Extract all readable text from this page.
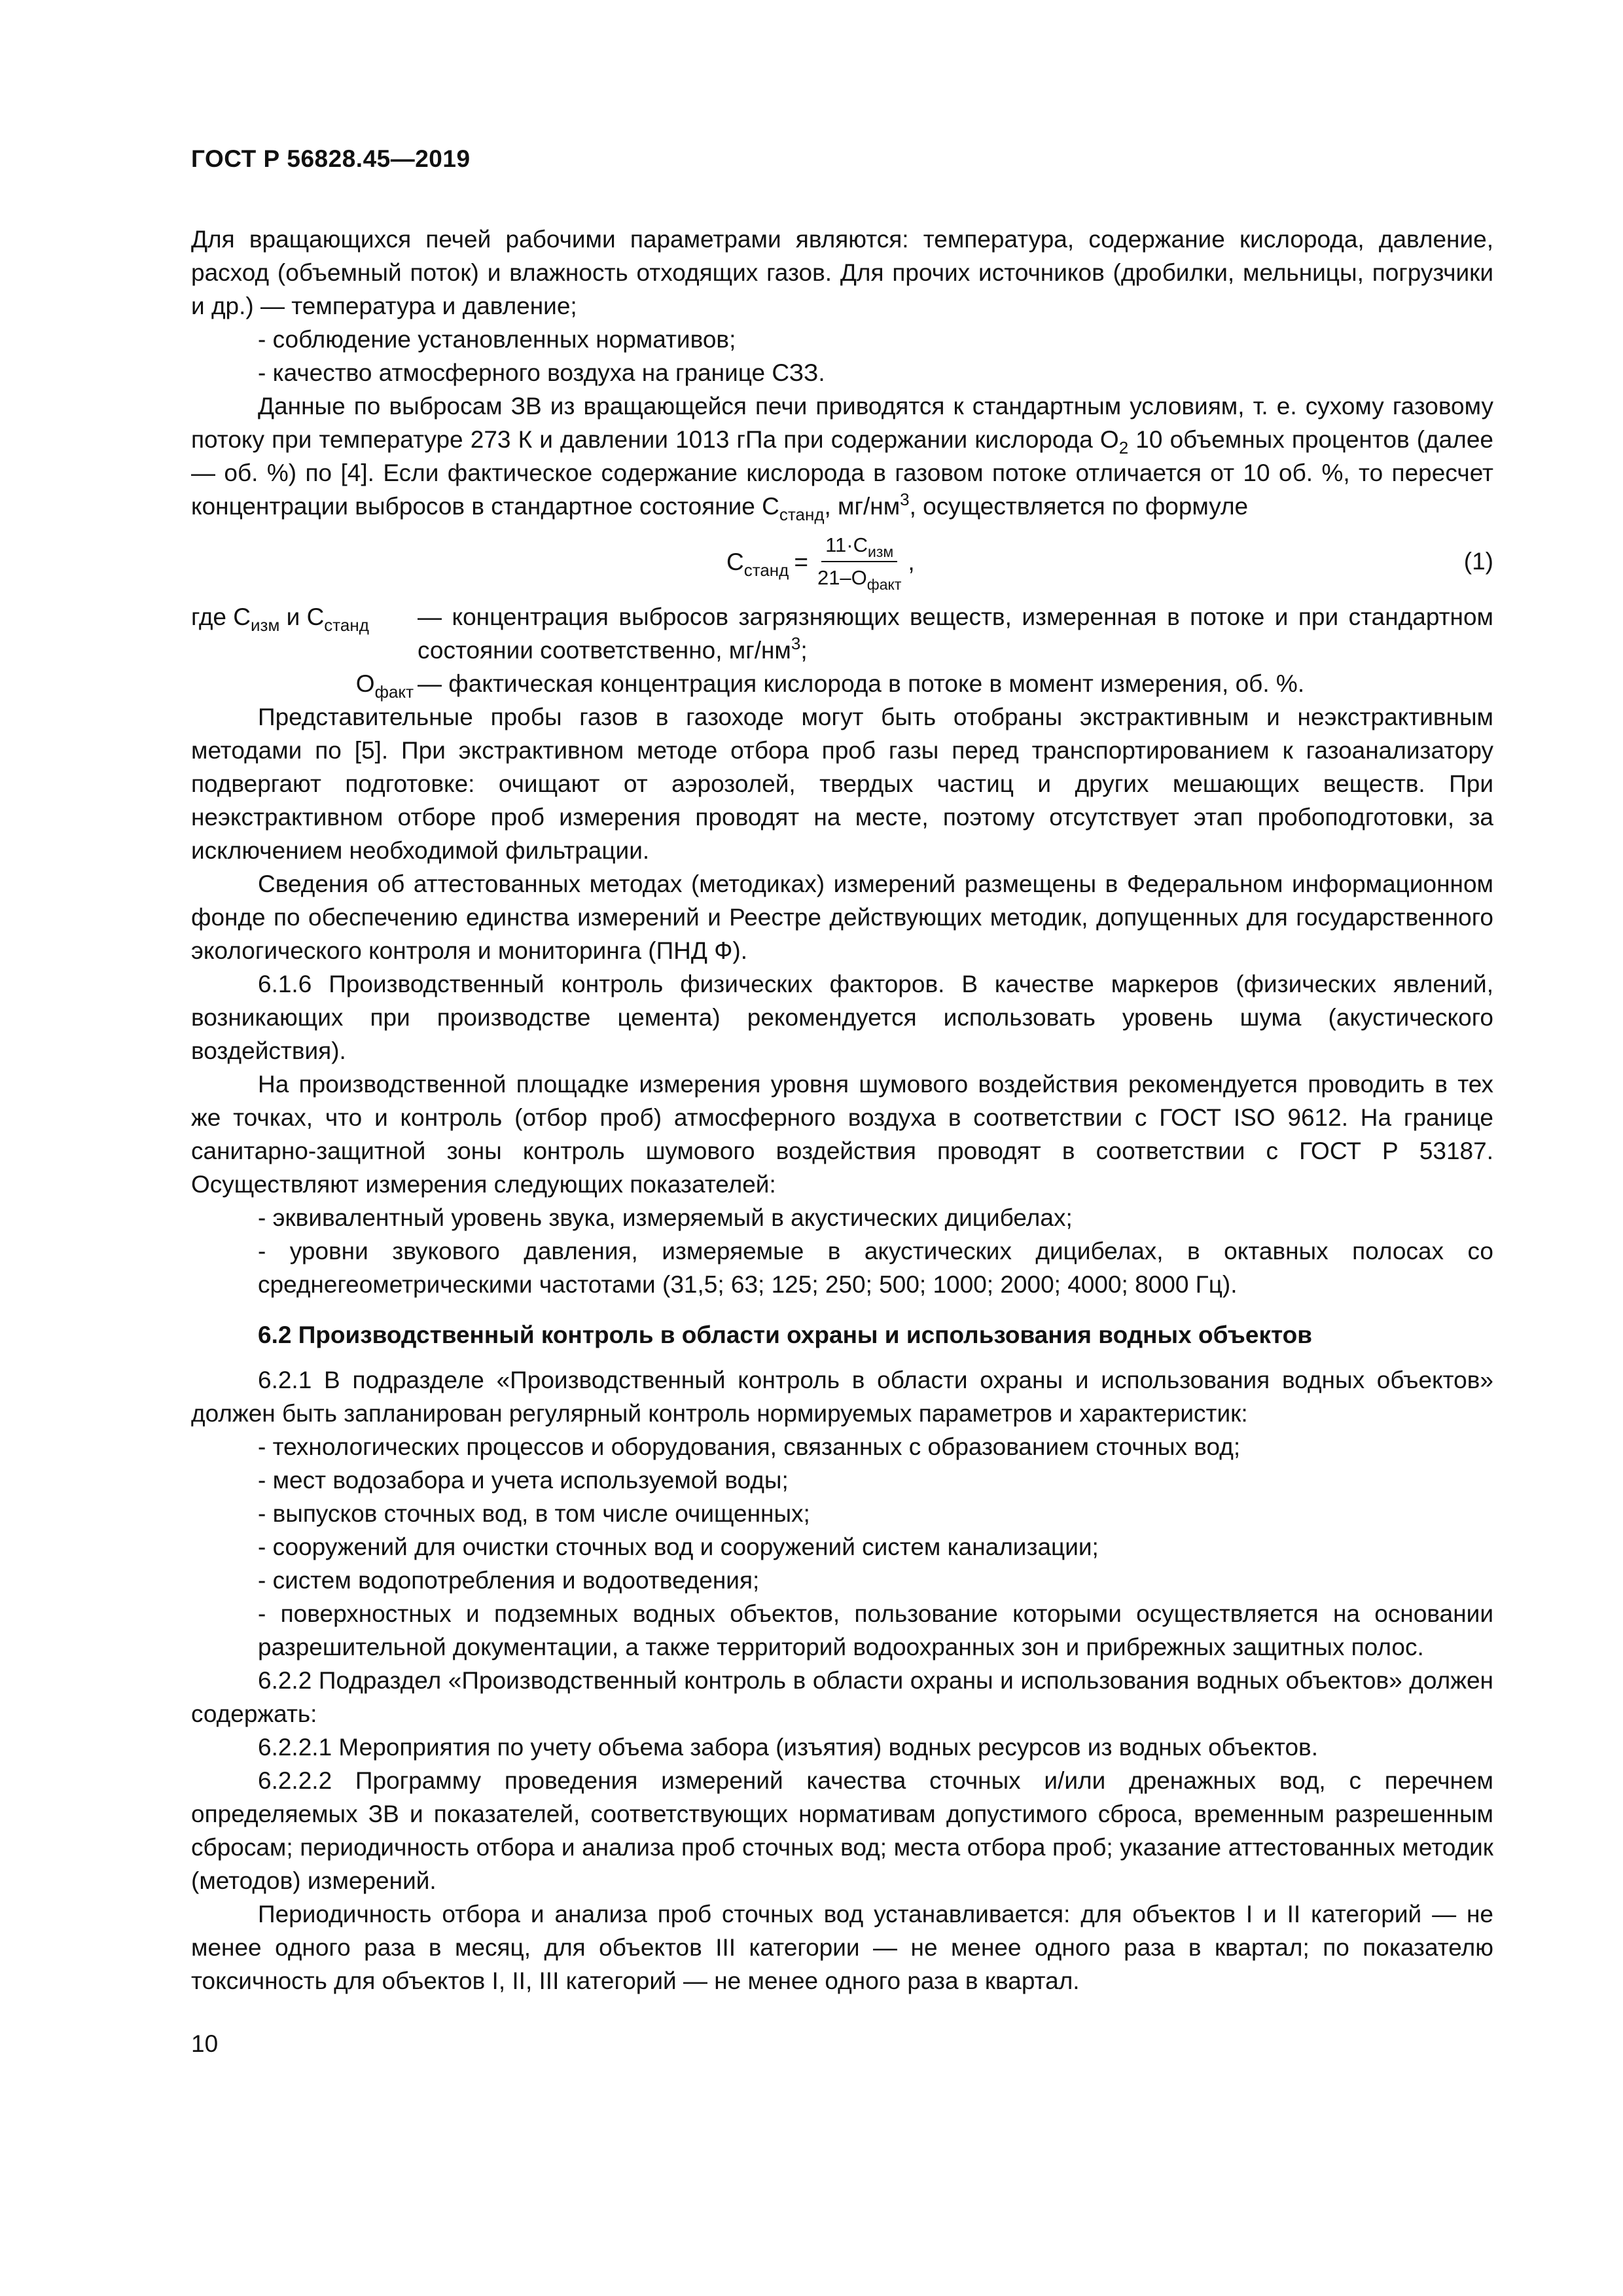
ГОСТ Р 56828.45—2019

Для вращающихся печей рабочими параметрами являются: температура, содержание кислорода, давление, расход (объемный поток) и влажность отходящих газов. Для прочих источников (дробилки, мельницы, погрузчики и др.) — температура и давление;

- соблюдение установленных нормативов;

- качество атмосферного воздуха на границе СЗЗ.

Данные по выбросам ЗВ из вращающейся печи приводятся к стандартным условиям, т. е. сухому газовому потоку при температуре 273 К и давлении 1013 гПа при содержании кислорода $О_2$ 10 объемных процентов (далее — об. %) по [4]. Если фактическое содержание кислорода в газовом потоке отличается от 10 об. %, то пересчет концентрации выбросов в стандартное состояние $С_{станд}$, $мг/нм^3$, осуществляется по формуле

$С_{станд} = \frac{11\cdot С_{изм}}{21-О_{факт}}$ ,	(1)
где $С_{изм}$ и $С_{станд}$	— концентрация выбросов загрязняющих веществ, измеренная в потоке и при стандартном состоянии соответственно, $мг/нм^3$;
$О_{факт}$ — фактическая концентрация кислорода в потоке в момент измерения, об. %.

Представительные пробы газов в газоходе могут быть отобраны экстрактивным и неэкстрактивным методами по [5]. При экстрактивном методе отбора проб газы перед транспортированием к газоанализатору подвергают подготовке: очищают от аэрозолей, твердых частиц и других мешающих веществ. При неэкстрактивном отборе проб измерения проводят на месте, поэтому отсутствует этап пробоподготовки, за исключением необходимой фильтрации.

Сведения об аттестованных методах (методиках) измерений размещены в Федеральном информационном фонде по обеспечению единства измерений и Реестре действующих методик, допущенных для государственного экологического контроля и мониторинга (ПНД Ф).

6.1.6 Производственный контроль физических факторов. В качестве маркеров (физических явлений, возникающих при производстве цемента) рекомендуется использовать уровень шума (акустического воздействия).

На производственной площадке измерения уровня шумового воздействия рекомендуется проводить в тех же точках, что и контроль (отбор проб) атмосферного воздуха в соответствии с ГОСТ ISO 9612. На границе санитарно-защитной зоны контроль шумового воздействия проводят в соответствии с ГОСТ Р 53187. Осуществляют измерения следующих показателей:

- эквивалентный уровень звука, измеряемый в акустических дицибелах;

- уровни звукового давления, измеряемые в акустических дицибелах, в октавных полосах со среднегеометрическими частотами (31,5; 63; 125; 250; 500; 1000; 2000; 4000; 8000 Гц).

6.2 Производственный контроль в области охраны и использования водных объектов

6.2.1 В подразделе «Производственный контроль в области охраны и использования водных объектов» должен быть запланирован регулярный контроль нормируемых параметров и характеристик:

- технологических процессов и оборудования, связанных с образованием сточных вод;

- мест водозабора и учета используемой воды;

- выпусков сточных вод, в том числе очищенных;

- сооружений для очистки сточных вод и сооружений систем канализации;

- систем водопотребления и водоотведения;

- поверхностных и подземных водных объектов, пользование которыми осуществляется на основании разрешительной документации, а также территорий водоохранных зон и прибрежных защитных полос.

6.2.2 Подраздел «Производственный контроль в области охраны и использования водных объектов» должен содержать:

6.2.2.1 Мероприятия по учету объема забора (изъятия) водных ресурсов из водных объектов.

6.2.2.2 Программу проведения измерений качества сточных и/или дренажных вод, с перечнем определяемых ЗВ и показателей, соответствующих нормативам допустимого сброса, временным разрешенным сбросам; периодичность отбора и анализа проб сточных вод; места отбора проб; указание аттестованных методик (методов) измерений.

Периодичность отбора и анализа проб сточных вод устанавливается: для объектов I и II категорий — не менее одного раза в месяц, для объектов III категории — не менее одного раза в квартал; по показателю токсичность для объектов I, II, III категорий — не менее одного раза в квартал.

10
